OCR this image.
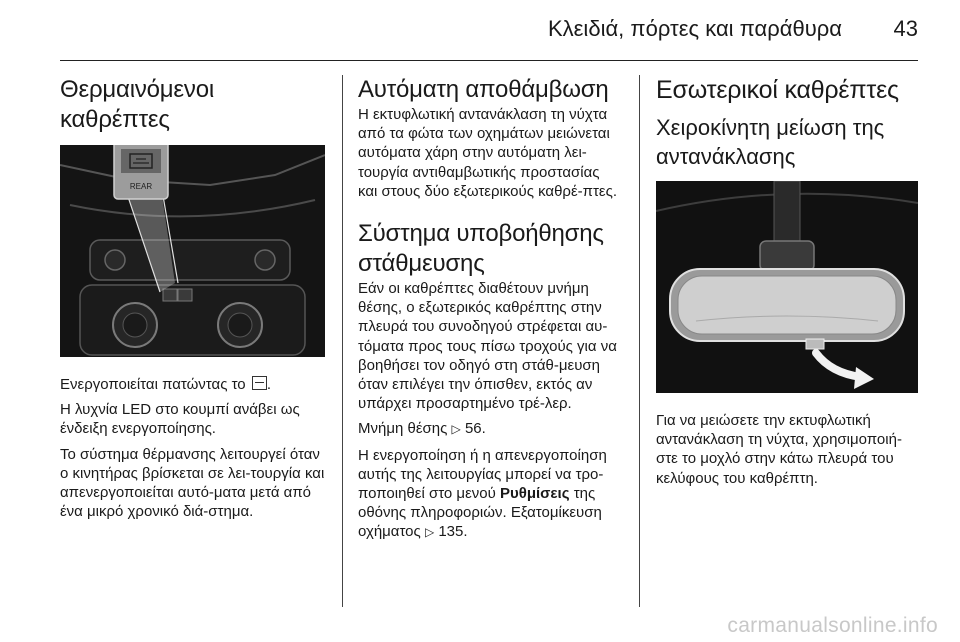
Κλειδιά, πόρτες και παράθυρα 43
Θερμαινόμενοι καθρέπτες
REAR

Ενεργοποιείται πατώντας το .

Η λυχνία LED στο κουμπί ανάβει ως ένδειξη ενεργοποίησης.

Το σύστημα θέρμανσης λειτουργεί όταν ο κινητήρας βρίσκεται σε λει-τουργία και απενεργοποιείται αυτό-ματα μετά από ένα μικρό χρονικό διά-στημα.

Αυτόματη αποθάμβωση

Η εκτυφλωτική αντανάκλαση τη νύχτα από τα φώτα των οχημάτων μειώνεται αυτόματα χάρη στην αυτόματη λει-τουργία αντιθαμβωτικής προστασίας και στους δύο εξωτερικούς καθρέ-πτες.

Σύστημα υποβοήθησης στάθμευσης

Εάν οι καθρέπτες διαθέτουν μνήμη θέσης, ο εξωτερικός καθρέπτης στην πλευρά του συνοδηγού στρέφεται αυ-τόματα προς τους πίσω τροχούς για να βοηθήσει τον οδηγό στη στάθ-μευση όταν επιλέγει την όπισθεν, εκτός αν υπάρχει προσαρτημένο τρέ-λερ.

Μνήμη θέσης ▷ 56.

Η ενεργοποίηση ή η απενεργοποίηση αυτής της λειτουργίας μπορεί να τρο-ποποιηθεί στο μενού Ρυθμίσεις της οθόνης πληροφοριών. Εξατομίκευση οχήματος ▷ 135.

Εσωτερικοί καθρέπτες
Χειροκίνητη μείωση της αντανάκλασης

Για να μειώσετε την εκτυφλωτική αντανάκλαση τη νύχτα, χρησιμοποιή-στε το μοχλό στην κάτω πλευρά του κελύφους του καθρέπτη.

carmanualsonline.info
